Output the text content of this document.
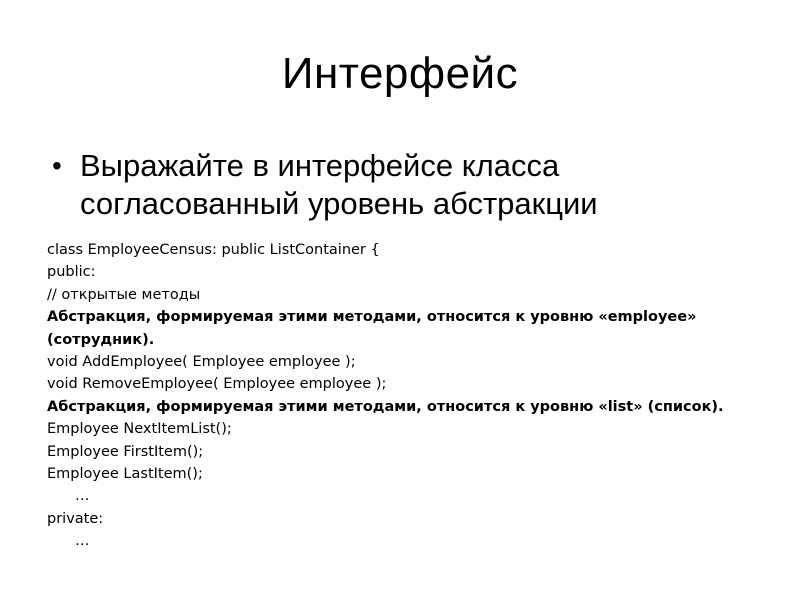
Интерфейс
• Выражайте в интерфейсе класса согласованный уровень абстракции

class EmployeeCensus: public ListContainer {

public:

// открытые методы

Абстракция, формируемая этими методами, относится к уровню «employee» (сотрудник).

void AddEmployee( Employee employee );

void RemoveEmployee( Employee employee );

Абстракция, формируемая этими методами, относится к уровню «list» (список).

Employee NextItemList();

Employee FirstItem();

Employee LastItem();

…

private:

…
